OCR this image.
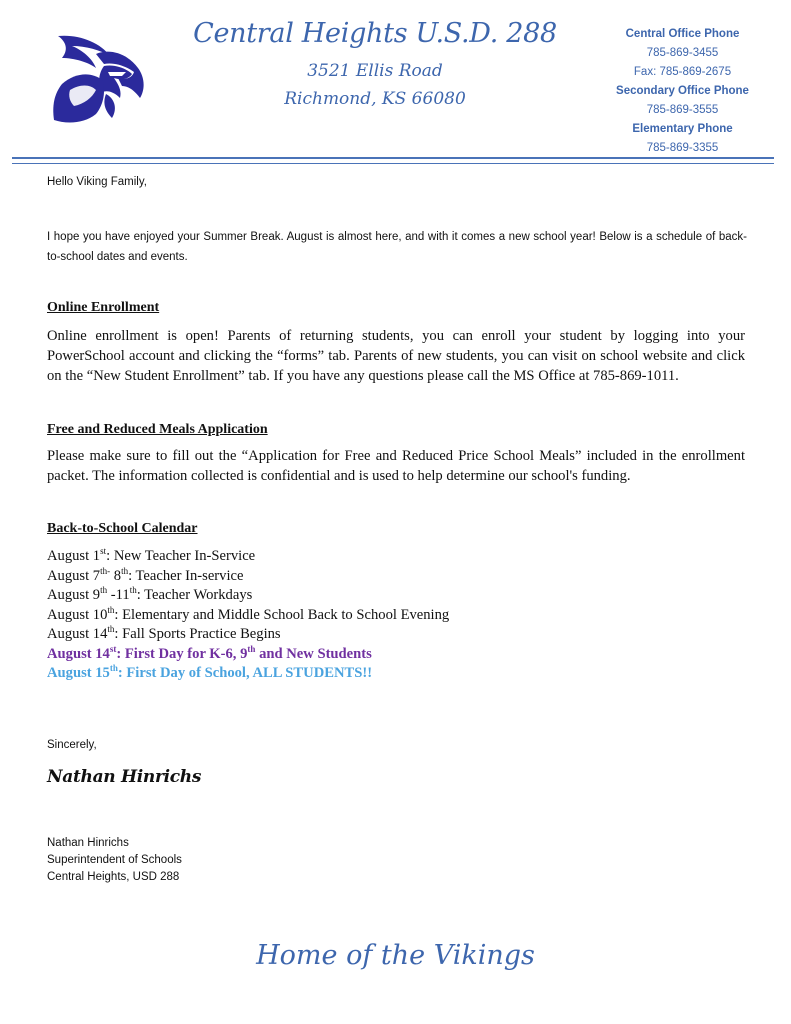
Central Heights U.S.D. 288
3521 Ellis Road
Richmond, KS 66080
Central Office Phone
785-869-3455
Fax: 785-869-2675
Secondary Office Phone
785-869-3555
Elementary Phone
785-869-3355
Hello Viking Family,
I hope you have enjoyed your Summer Break. August is almost here, and with it comes a new school year! Below is a schedule of back-to-school dates and events.
Online Enrollment
Online enrollment is open! Parents of returning students, you can enroll your student by logging into your PowerSchool account and clicking the “forms” tab. Parents of new students, you can visit on school website and click on the “New Student Enrollment” tab. If you have any questions please call the MS Office at 785-869-1011.
Free and Reduced Meals Application
Please make sure to fill out the “Application for Free and Reduced Price School Meals” included in the enrollment packet. The information collected is confidential and is used to help determine our school's funding.
Back-to-School Calendar
August 1st: New Teacher In-Service
August $7^{th-}$ 8th: Teacher In-service
August 9th -11th: Teacher Workdays
August 10th: Elementary and Middle School Back to School Evening
August 14th: Fall Sports Practice Begins
August 14st: First Day for K-6, 9th and New Students
August 15th: First Day of School, ALL STUDENTS!!
Sincerely,
Nathan Hinrichs
Nathan Hinrichs
Superintendent of Schools
Central Heights, USD 288
Home of the Vikings
